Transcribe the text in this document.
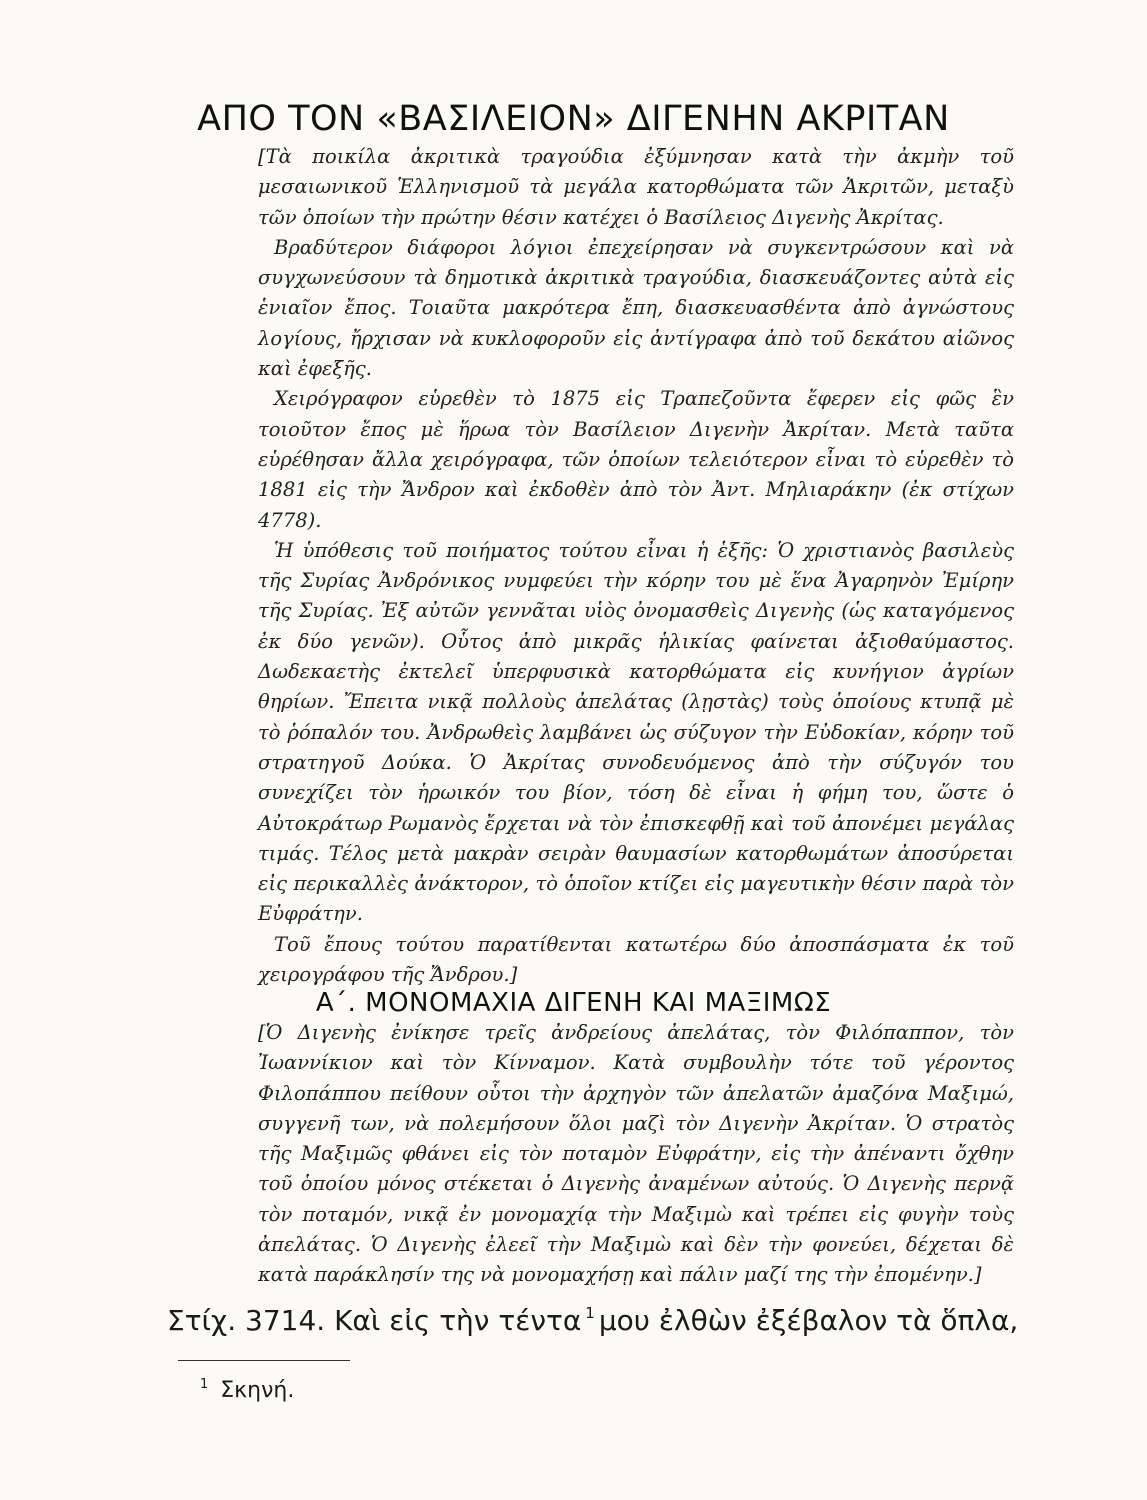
ΑΠΟ ΤΟΝ «ΒΑΣΙΛΕΙΟΝ» ΔΙΓΕΝΗΝ ΑΚΡΙΤΑΝ

[Τὰ ποικίλα ἀκριτικὰ τραγούδια ἐξύμνησαν κατὰ τὴν ἀκμὴν τοῦ μεσαιωνικοῦ Ἑλληνισμοῦ τὰ μεγάλα κατορθώματα τῶν Ἀκριτῶν, μεταξὺ τῶν ὁποίων τὴν πρώτην θέσιν κατέχει ὁ Βασίλειος Διγενὴς Ἀκρίτας.

Βραδύτερον διάφοροι λόγιοι ἐπεχείρησαν νὰ συγκεντρώσουν καὶ νὰ συγχωνεύσουν τὰ δημοτικὰ ἀκριτικὰ τραγούδια, διασκευάζοντες αὐτὰ εἰς ἑνιαῖον ἔπος. Τοιαῦτα μακρότερα ἔπη, διασκευασθέντα ἀπὸ ἀγνώστους λογίους, ἤρχισαν νὰ κυκλοφοροῦν εἰς ἀντίγραφα ἀπὸ τοῦ δεκάτου αἰῶνος καὶ ἐφεξῆς.

Χειρόγραφον εὑρεθὲν τὸ 1875 εἰς Τραπεζοῦντα ἔφερεν εἰς φῶς ἓν τοιοῦτον ἔπος μὲ ἥρωα τὸν Βασίλειον Διγενὴν Ἀκρίταν. Μετὰ ταῦτα εὑρέθησαν ἄλλα χειρόγραφα, τῶν ὁποίων τελειότερον εἶναι τὸ εὑρεθὲν τὸ 1881 εἰς τὴν Ἄνδρον καὶ ἐκδοθὲν ἀπὸ τὸν Ἀντ. Μηλιαράκην (ἐκ στίχων 4778).

Ἡ ὑπόθεσις τοῦ ποιήματος τούτου εἶναι ἡ ἑξῆς: Ὁ χριστιανὸς βασιλεὺς τῆς Συρίας Ἀνδρόνικος νυμφεύει τὴν κόρην του μὲ ἕνα Ἀγαρηνὸν Ἐμίρην τῆς Συρίας. Ἐξ αὐτῶν γεννᾶται υἱὸς ὀνομασθεὶς Διγενὴς (ὡς καταγόμενος ἐκ δύο γενῶν). Οὗτος ἀπὸ μικρᾶς ἡλικίας φαίνεται ἀξιοθαύμαστος. Δωδεκαετὴς ἐκτελεῖ ὑπερφυσικὰ κατορθώματα εἰς κυνήγιον ἀγρίων θηρίων. Ἔπειτα νικᾷ πολλοὺς ἀπελάτας (λῃστὰς) τοὺς ὁποίους κτυπᾷ μὲ τὸ ῥόπαλόν του. Ἀνδρωθεὶς λαμβάνει ὡς σύζυγον τὴν Εὐδοκίαν, κόρην τοῦ στρατηγοῦ Δούκα. Ὁ Ἀκρίτας συνοδευόμενος ἀπὸ τὴν σύζυγόν του συνεχίζει τὸν ἡρωικόν του βίον, τόση δὲ εἶναι ἡ φήμη του, ὥστε ὁ Αὐτοκράτωρ Ρωμανὸς ἔρχεται νὰ τὸν ἐπισκεφθῇ καὶ τοῦ ἀπονέμει μεγάλας τιμάς. Τέλος μετὰ μακρὰν σειρὰν θαυμασίων κατορθωμάτων ἀποσύρεται εἰς περικαλλὲς ἀνάκτορον, τὸ ὁποῖον κτίζει εἰς μαγευτικὴν θέσιν παρὰ τὸν Εὐφράτην.

Τοῦ ἔπους τούτου παρατίθενται κατωτέρω δύο ἀποσπάσματα ἐκ τοῦ χειρογράφου τῆς Ἄνδρου.]

Α΄. ΜΟΝΟΜΑΧΙΑ ΔΙΓΕΝΗ ΚΑΙ ΜΑΞΙΜΩΣ

[Ὁ Διγενὴς ἐνίκησε τρεῖς ἀνδρείους ἀπελάτας, τὸν Φιλόπαππον, τὸν Ἰωαννίκιον καὶ τὸν Κίνναμον. Κατὰ συμβουλὴν τότε τοῦ γέροντος Φιλοπάππου πείθουν οὗτοι τὴν ἀρχηγὸν τῶν ἀπελατῶν ἀμαζόνα Μαξιμώ, συγγενῆ των, νὰ πολεμήσουν ὅλοι μαζὶ τὸν Διγενὴν Ἀκρίταν. Ὁ στρατὸς τῆς Μαξιμῶς φθάνει εἰς τὸν ποταμὸν Εὐφράτην, εἰς τὴν ἀπέναντι ὄχθην τοῦ ὁποίου μόνος στέκεται ὁ Διγενὴς ἀναμένων αὐτούς. Ὁ Διγενὴς περνᾷ τὸν ποταμόν, νικᾷ ἐν μονομαχίᾳ τὴν Μαξιμὼ καὶ τρέπει εἰς φυγὴν τοὺς ἀπελάτας. Ὁ Διγενὴς ἐλεεῖ τὴν Μαξιμὼ καὶ δὲν τὴν φονεύει, δέχεται δὲ κατὰ παράκλησίν της νὰ μονομαχήσῃ καὶ πάλιν μαζί της τὴν ἐπομένην.]

Στίχ. 3714. Καὶ εἰς τὴν τέντα $^1$ μου ἐλθὼν ἐξέβαλον τὰ ὅπλα,
$^1$ Σκηνή.
